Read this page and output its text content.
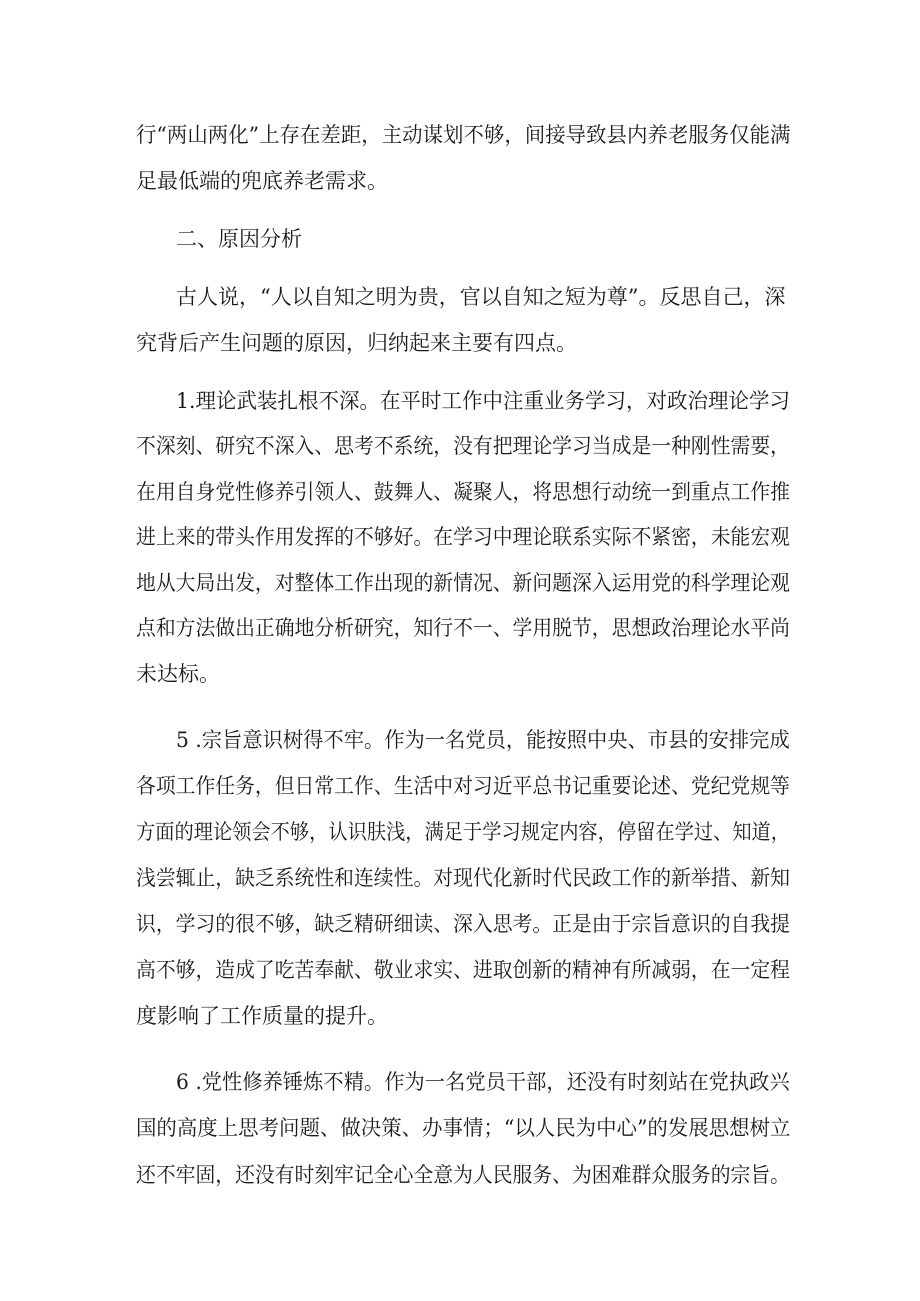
行“两山两化”上存在差距，主动谋划不够，间接导致县内养老服务仅能满
足最低端的兜底养老需求。
二、原因分析
古人说，“人以自知之明为贵，官以自知之短为尊”。反思自己，深
究背后产生问题的原因，归纳起来主要有四点。
1.理论武装扎根不深。在平时工作中注重业务学习，对政治理论学习
不深刻、研究不深入、思考不系统，没有把理论学习当成是一种刚性需要，
在用自身党性修养引领人、鼓舞人、凝聚人，将思想行动统一到重点工作推
进上来的带头作用发挥的不够好。在学习中理论联系实际不紧密，未能宏观
地从大局出发，对整体工作出现的新情况、新问题深入运用党的科学理论观
点和方法做出正确地分析研究，知行不一、学用脱节，思想政治理论水平尚
未达标。
5 .宗旨意识树得不牢。作为一名党员，能按照中央、市县的安排完成
各项工作任务，但日常工作、生活中对习近平总书记重要论述、党纪党规等
方面的理论领会不够，认识肤浅，满足于学习规定内容，停留在学过、知道，
浅尝辄止，缺乏系统性和连续性。对现代化新时代民政工作的新举措、新知
识，学习的很不够，缺乏精研细读、深入思考。正是由于宗旨意识的自我提
高不够，造成了吃苦奉献、敬业求实、进取创新的精神有所减弱，在一定程
度影响了工作质量的提升。
6 .党性修养锤炼不精。作为一名党员干部，还没有时刻站在党执政兴
国的高度上思考问题、做决策、办事情；“以人民为中心”的发展思想树立
还不牢固，还没有时刻牢记全心全意为人民服务、为困难群众服务的宗旨。
